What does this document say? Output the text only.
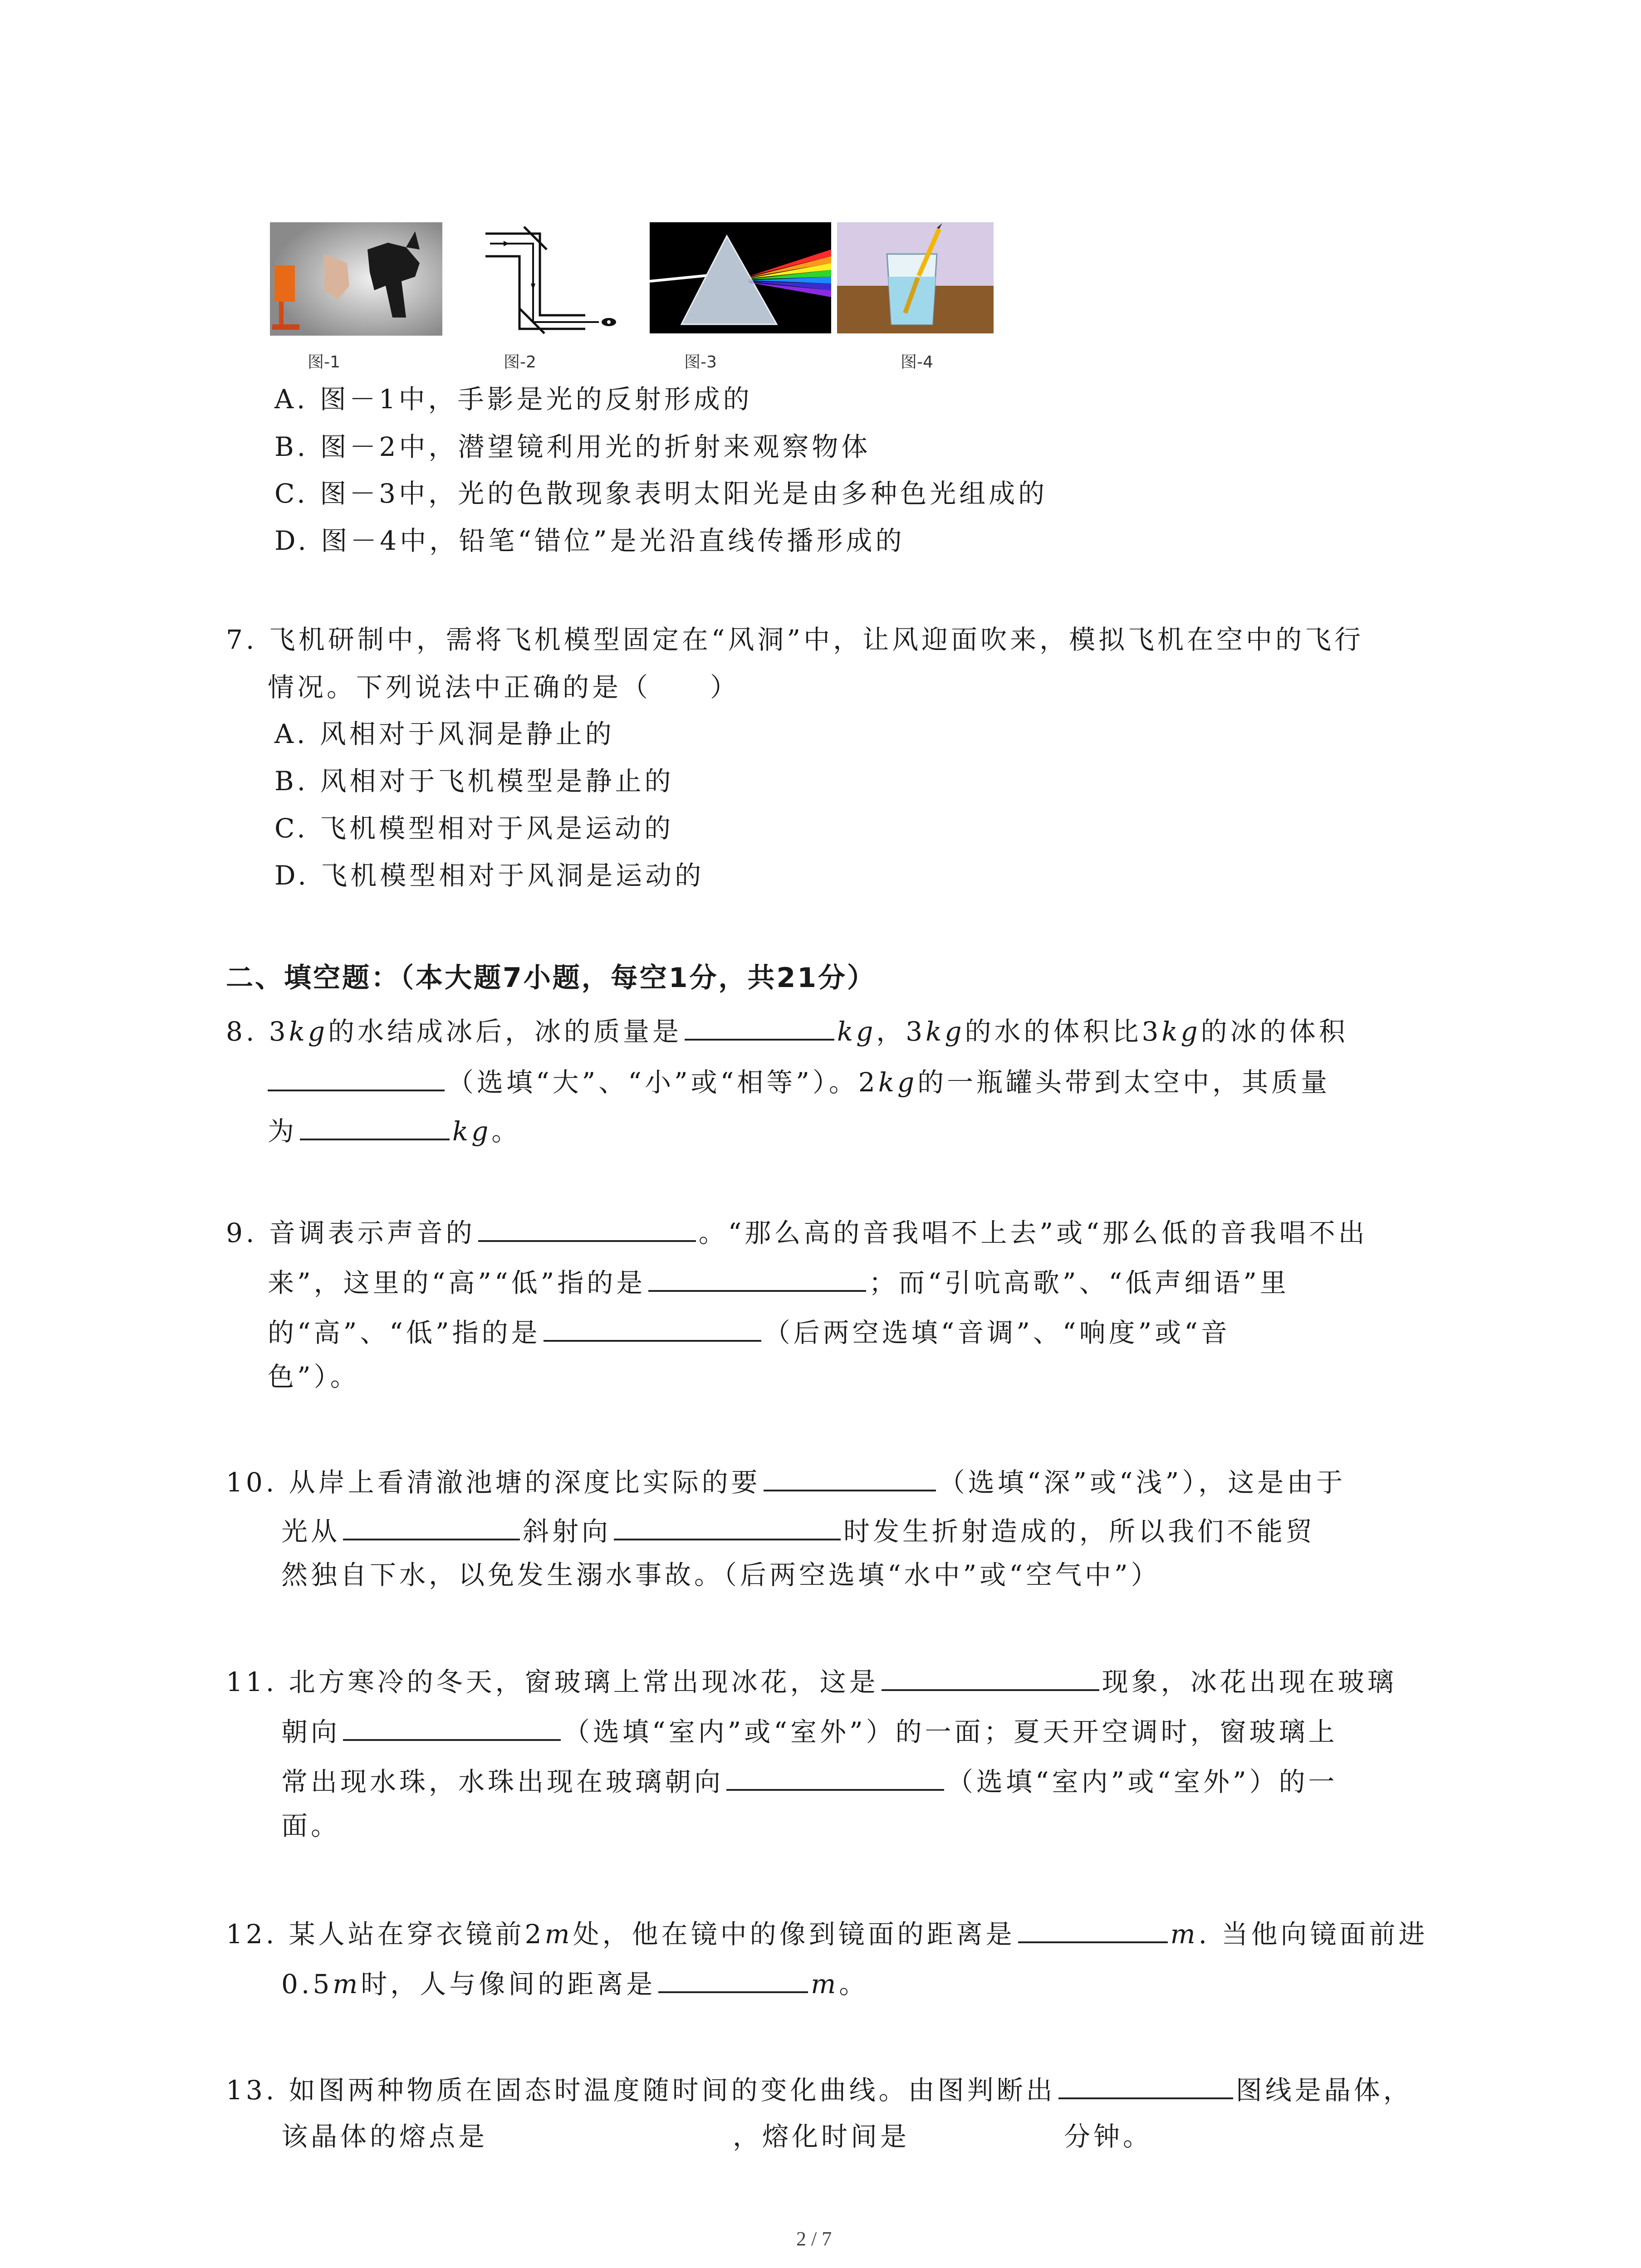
图-1	图-2	图-3	图-4
A. 图－1中，手影是光的反射形成的
B. 图－2中，潜望镜利用光的折射来观察物体
C. 图－3中，光的色散现象表明太阳光是由多种色光组成的
D. 图－4中，铅笔“错位”是光沿直线传播形成的
7. 飞机研制中，需将飞机模型固定在“风洞”中，让风迎面吹来，模拟飞机在空中的飞行
情况。下列说法中正确的是（　　）
A. 风相对于风洞是静止的
B. 风相对于飞机模型是静止的
C. 飞机模型相对于风是运动的
D. 飞机模型相对于风洞是运动的
二、填空题：（本大题7小题，每空1分，共21分）
8. 3kg的水结成冰后，冰的质量是	kg，3kg的水的体积比3kg的冰的体积
（选填“大”、“小”或“相等”）。2kg的一瓶罐头带到太空中，其质量
为	kg。
9. 音调表示声音的	。“那么高的音我唱不上去”或“那么低的音我唱不出
来”，这里的“高”“低”指的是	；而“引吭高歌”、“低声细语”里
的“高”、“低”指的是	（后两空选填“音调”、“响度”或“音
色”）。
10. 从岸上看清澈池塘的深度比实际的要	（选填“深”或“浅”），这是由于
光从	斜射向	时发生折射造成的，所以我们不能贸
然独自下水，以免发生溺水事故。（后两空选填“水中”或“空气中”）
11. 北方寒冷的冬天，窗玻璃上常出现冰花，这是	现象，冰花出现在玻璃
朝向	（选填“室内”或“室外”）的一面；夏天开空调时，窗玻璃上
常出现水珠，水珠出现在玻璃朝向	（选填“室内”或“室外”）的一
面。
12. 某人站在穿衣镜前2m处，他在镜中的像到镜面的距离是	m. 当他向镜面前进
0.5m时，人与像间的距离是	m。
13. 如图两种物质在固态时温度随时间的变化曲线。由图判断出	图线是晶体，
该晶体的熔点是	，熔化时间是	分钟。
2 / 7
